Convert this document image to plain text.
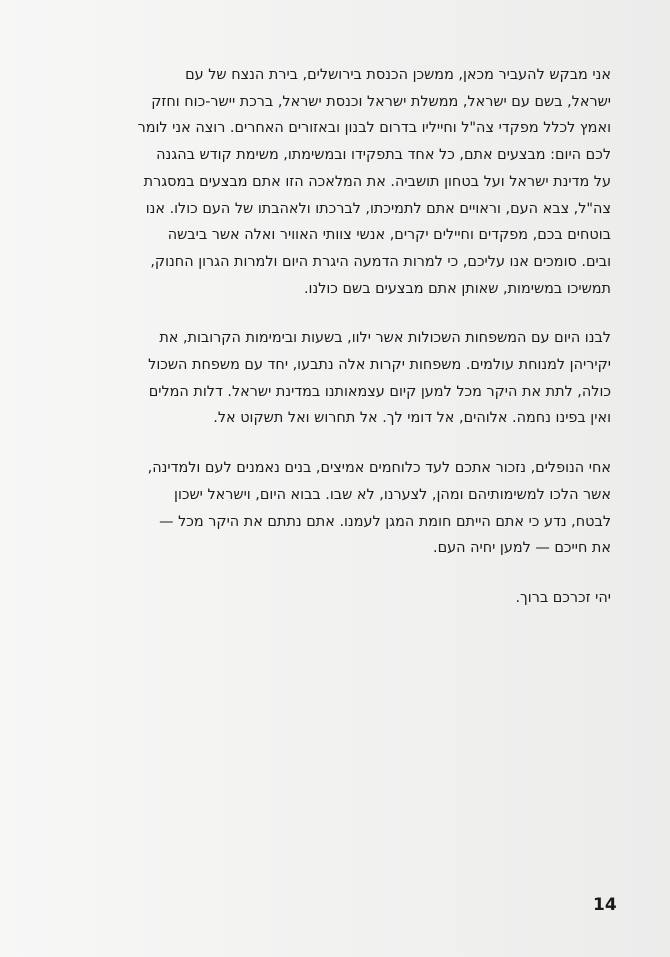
אני מבקש להעביר מכאן, ממשכן הכנסת בירושלים, בירת הנצח של עם
ישראל, בשם עם ישראל, ממשלת ישראל וכנסת ישראל, ברכת יישר-כוח וחזק
ואמץ לכלל מפקדי צה"ל וחייליו בדרום לבנון ובאזורים האחרים. רוצה אני לומר
לכם היום: מבצעים אתם, כל אחד בתפקידו ובמשימתו, משימת קודש בהגנה
על מדינת ישראל ועל בטחון תושביה. את המלאכה הזו אתם מבצעים במסגרת
צה"ל, צבא העם, וראויים אתם לתמיכתו, לברכתו ולאהבתו של העם כולו. אנו
בוטחים בכם, מפקדים וחיילים יקרים, אנשי צוותי האוויר ואלה אשר ביבשה
ובים. סומכים אנו עליכם, כי למרות הדמעה היגרת היום ולמרות הגרון החנוק,
תמשיכו במשימות, שאותן אתם מבצעים בשם כולנו.
לבנו היום עם המשפחות השכולות אשר ילוו, בשעות ובימימות הקרובות, את
יקיריהן למנוחת עולמים. משפחות יקרות אלה נתבעו, יחד עם משפחת השכול
כולה, לתת את היקר מכל למען קיום עצמאותנו במדינת ישראל. דלות המלים
ואין בפינו נחמה. אלוהים, אל דומי לך. אל תחרוש ואל תשקוט אל.
אחי הנופלים, נזכור אתכם לעד כלוחמים אמיצים, בנים נאמנים לעם ולמדינה,
אשר הלכו למשימותיהם ומהן, לצערנו, לא שבו. בבוא היום, וישראל ישכון
לבטח, נדע כי אתם הייתם חומת המגן לעמנו. אתם נתתם את היקר מכל —
את חייכם — למען יחיה העם.
יהי זכרכם ברוך.
14
